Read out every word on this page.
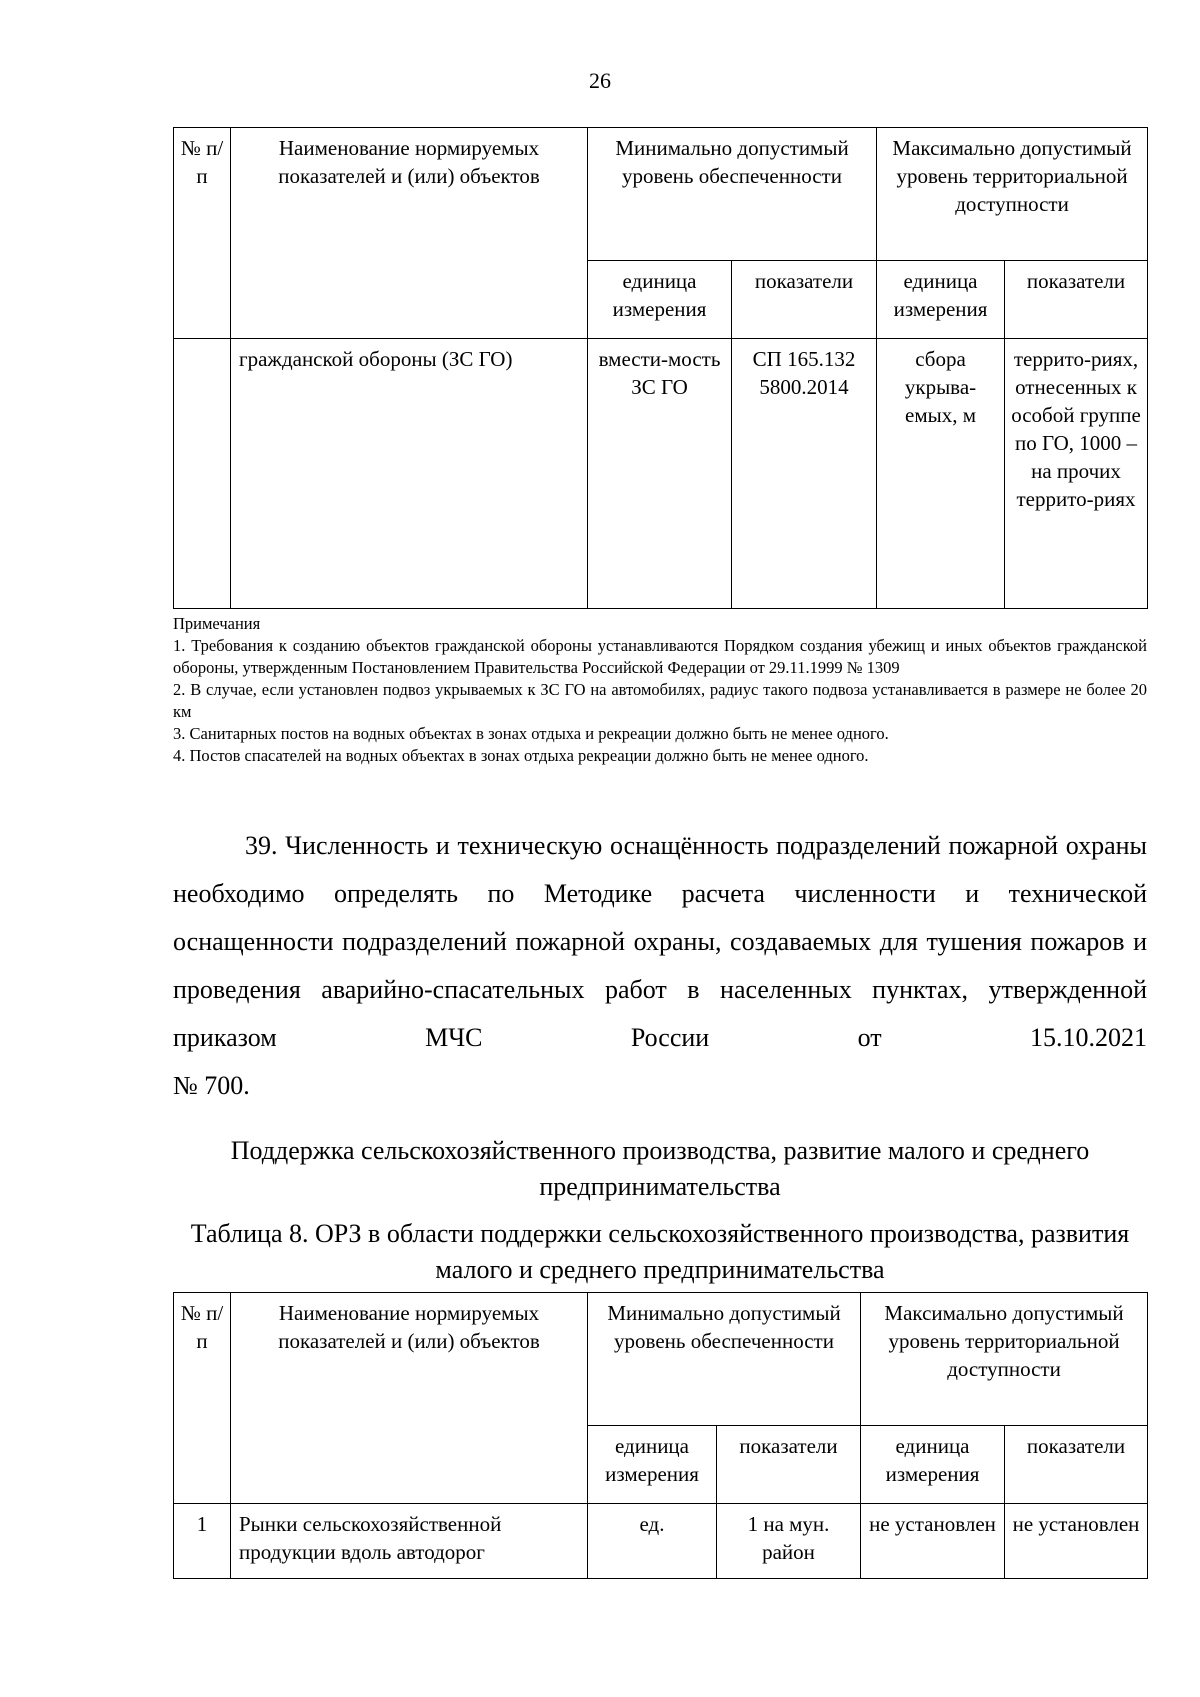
26
№ п/п	Наименование нормируемых показателей и (или) объектов	Минимально допустимый уровень обеспеченности		Максимально допустимый уровень территориальной доступности	
		единица измерения	показатели	единица измерения	показатели
	гражданской обороны (ЗС ГО)	вмести-мость ЗС ГО	СП 165.132 5800.2014	сбора укрыва-емых, м	террито-риях, отнесенных к особой группе по ГО, 1000 – на прочих террито-риях

Примечания

1. Требования к созданию объектов гражданской обороны устанавливаются Порядком создания убежищ и иных объектов гражданской обороны, утвержденным Постановлением Правительства Российской Федерации от 29.11.1999 № 1309

2. В случае, если установлен подвоз укрываемых к ЗС ГО на автомобилях, радиус такого подвоза устанавливается в размере не более 20 км

3. Санитарных постов на водных объектах в зонах отдыха и рекреации должно быть не менее одного.

4. Постов спасателей на водных объектах в зонах отдыха рекреации должно быть не менее одного.

39. Численность и техническую оснащённость подразделений пожарной охраны необходимо определять по Методике расчета численности и технической оснащенности подразделений пожарной охраны, создаваемых для тушения пожаров и проведения аварийно-спасательных работ в населенных пунктах, утвержденной приказом МЧС России от 15.10.2021
№ 700.
Поддержка сельскохозяйственного производства, развитие малого и среднего предпринимательства
Таблица 8. ОРЗ в области поддержки сельскохозяйственного производства, развития малого и среднего предпринимательства
№ п/п	Наименование нормируемых показателей и (или) объектов	Минимально допустимый уровень обеспеченности		Максимально допустимый уровень территориальной доступности	
		единица измерения	показатели	единица измерения	показатели
1	Рынки сельскохозяйственной продукции вдоль автодорог	ед.	1 на мун. район	не установлен	не установлен
